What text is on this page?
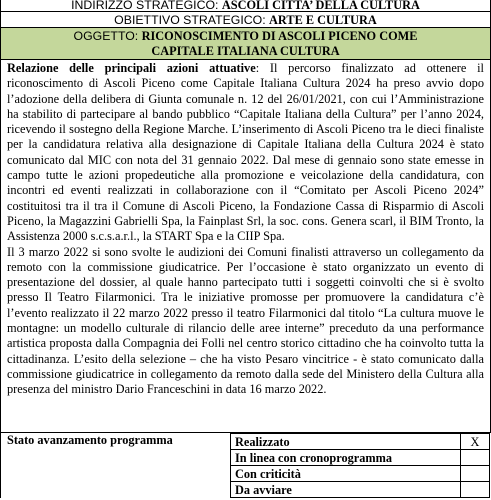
INDIRIZZO STRATEGICO: ASCOLI CITTA’ DELLA CULTURA
OBIETTIVO STRATEGICO: ARTE E CULTURA
OGGETTO: RICONOSCIMENTO DI ASCOLI PICENO COME
CAPITALE ITALIANA CULTURA

Relazione delle principali azioni attuative: Il percorso finalizzato ad ottenere il riconoscimento di Ascoli Piceno come Capitale Italiana Cultura 2024 ha preso avvio dopo l’adozione della delibera di Giunta comunale n. 12 del 26/01/2021, con cui l’Amministrazione ha stabilito di partecipare al bando pubblico “Capitale Italiana della Cultura” per l’anno 2024, ricevendo il sostegno della Regione Marche. L’inserimento di Ascoli Piceno tra le dieci finaliste per la candidatura relativa alla designazione di Capitale Italiana della Cultura 2024 è stato comunicato dal MIC con nota del 31 gennaio 2022. Dal mese di gennaio sono state emesse in campo tutte le azioni propedeutiche alla promozione e veicolazione della candidatura, con incontri ed eventi realizzati in collaborazione con il “Comitato per Ascoli Piceno 2024” costituitosi tra il tra il Comune di Ascoli Piceno, la Fondazione Cassa di Risparmio di Ascoli Piceno, la Magazzini Gabrielli Spa, la Fainplast Srl, la soc. cons. Genera scarl, il BIM Tronto, la Assistenza 2000 s.c.s.a.r.l., la START Spa e la CIIP Spa.

Il 3 marzo 2022 si sono svolte le audizioni dei Comuni finalisti attraverso un collegamento da remoto con la commissione giudicatrice. Per l’occasione è stato organizzato un evento di presentazione del dossier, al quale hanno partecipato tutti i soggetti coinvolti che si è svolto presso Il Teatro Filarmonici. Tra le iniziative promosse per promuovere la candidatura c’è l’evento realizzato il 22 marzo 2022 presso il teatro Filarmonici dal titolo “La cultura muove le montagne: un modello culturale di rilancio delle aree interne” preceduto da una performance artistica proposta dalla Compagnia dei Folli nel centro storico cittadino che ha coinvolto tutta la cittadinanza. L’esito della selezione – che ha visto Pesaro vincitrice - è stato comunicato dalla commissione giudicatrice in collegamento da remoto dalla sede del Ministero della Cultura alla presenza del ministro Dario Franceschini in data 16 marzo 2022.

Stato avanzamento programma	Realizzato	X
In linea con cronoprogramma	
Con criticità	
Da avviare	
